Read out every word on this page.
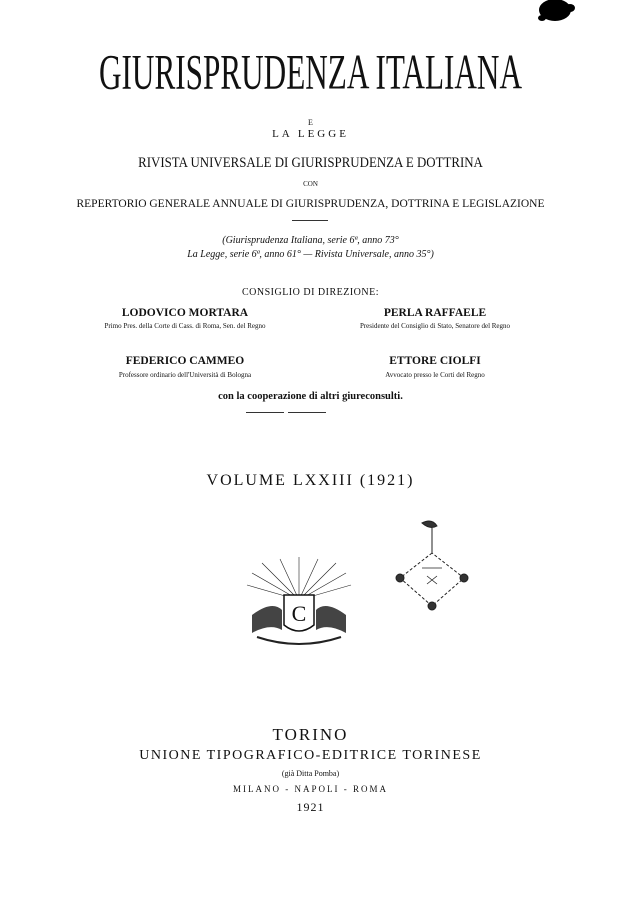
GIURISPRUDENZA ITALIANA
E
LA LEGGE
RIVISTA UNIVERSALE DI GIURISPRUDENZA E DOTTRINA
CON
REPERTORIO GENERALE ANNUALE DI GIURISPRUDENZA, DOTTRINA E LEGISLAZIONE
(Giurisprudenza Italiana, serie 6ª, anno 73°
La Legge, serie 6ª, anno 61° — Rivista Universale, anno 35°)
CONSIGLIO DI DIREZIONE:
LODOVICO MORTARA
Primo Pres. della Corte di Cass. di Roma, Sen. del Regno
PERLA RAFFAELE
Presidente del Consiglio di Stato, Senatore del Regno
FEDERICO CAMMEO
Professore ordinario dell'Università di Bologna
ETTORE CIOLFI
Avvocato presso le Corti del Regno
con la cooperazione di altri giureconsulti.
VOLUME LXXIII (1921)
C
TORINO
UNIONE TIPOGRAFICO-EDITRICE TORINESE
(già Ditta Pomba)
MILANO - NAPOLI - ROMA
1921
